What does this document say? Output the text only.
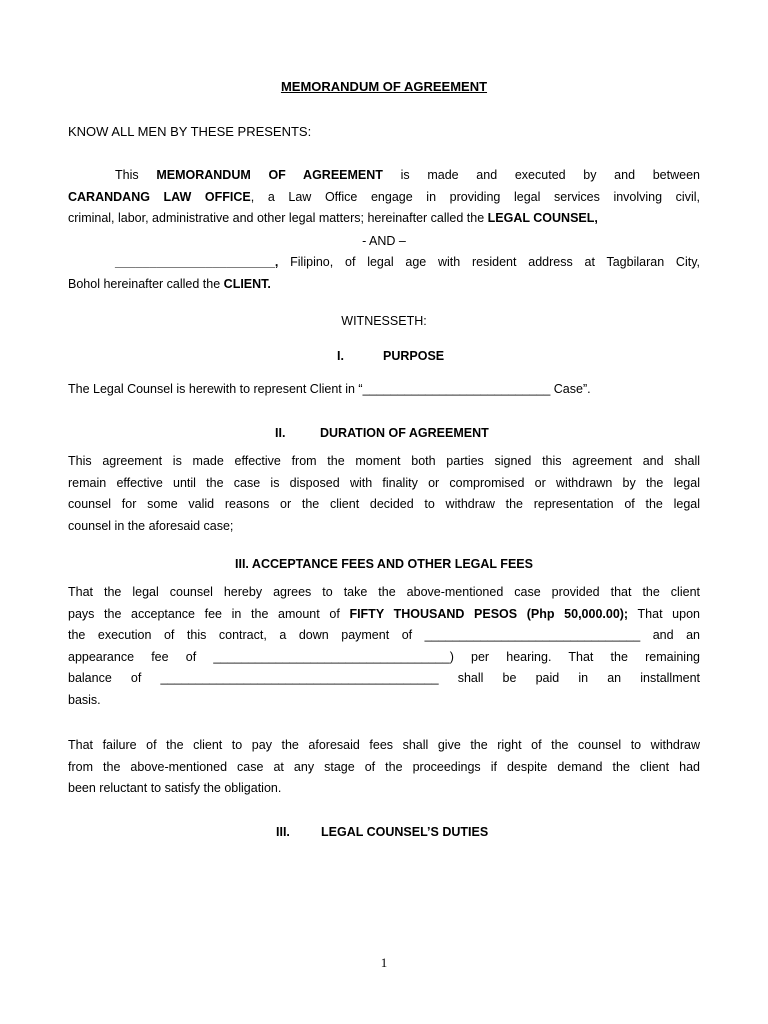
MEMORANDUM OF AGREEMENT
KNOW ALL MEN BY THESE PRESENTS:
This MEMORANDUM OF AGREEMENT is made and executed by and between
CARANDANG LAW OFFICE, a Law Office engage in providing legal services involving civil,
criminal, labor, administrative and other legal matters; hereinafter called the LEGAL COUNSEL,
- AND –
_______________________, Filipino, of legal age with resident address at Tagbilaran City,
Bohol hereinafter called the CLIENT.
WITNESSETH:
I.	PURPOSE
The Legal Counsel is herewith to represent Client in “___________________________ Case”.
II.	DURATION OF AGREEMENT
This agreement is made effective from the moment both parties signed this agreement and shall
remain effective until the case is disposed with finality or compromised or withdrawn by the legal
counsel for some valid reasons or the client decided to withdraw the representation of the legal
counsel in the aforesaid case;
III. ACCEPTANCE FEES AND OTHER LEGAL FEES
That the legal counsel hereby agrees to take the above-mentioned case provided that the client
pays the acceptance fee in the amount of FIFTY THOUSAND PESOS (Php 50,000.00); That upon
the execution of this contract, a down payment of _______________________________ and an
appearance fee of __________________________________) per hearing. That the remaining
balance of ________________________________________ shall be paid in an installment
basis.
That failure of the client to pay the aforesaid fees shall give the right of the counsel to withdraw
from the above-mentioned case at any stage of the proceedings if despite demand the client had
been reluctant to satisfy the obligation.
III. LEGAL COUNSEL’S DUTIES
1
